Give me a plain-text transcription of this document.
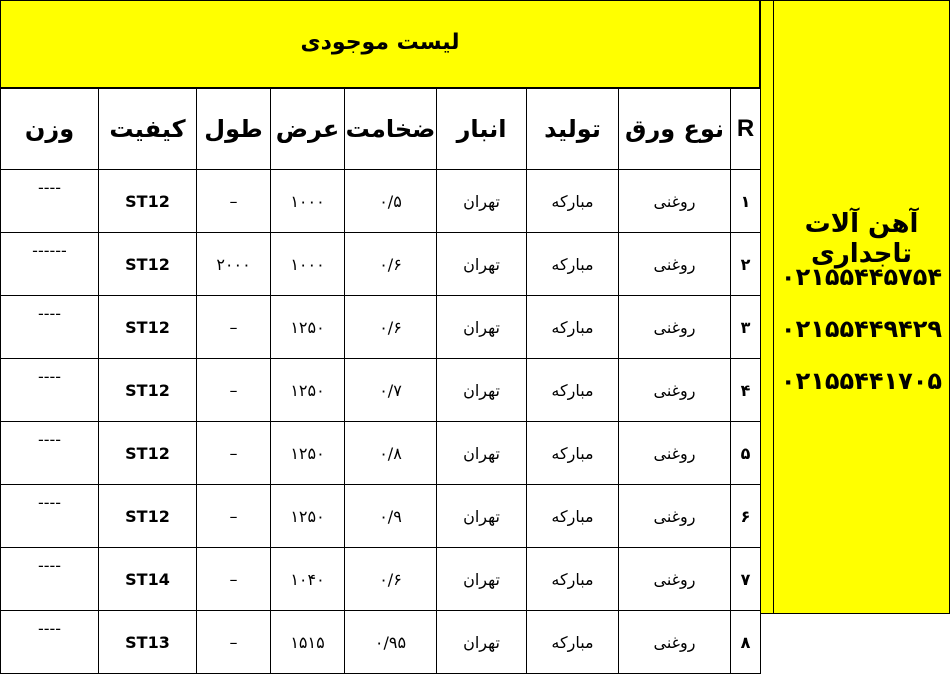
لیست موجودی
آهن آلات تاجداری
۰۲۱۵۵۴۴۵۷۵۴
۰۲۱۵۵۴۴۹۴۲۹
۰۲۱۵۵۴۴۱۷۰۵
وزن	کیفیت	طول	عرض	ضخامت	انبار	تولید	نوع ورق	R
----	ST12	–	۱۰۰۰	۰/۵	تهران	مبارکه	روغنی	۱
------	ST12	۲۰۰۰	۱۰۰۰	۰/۶	تهران	مبارکه	روغنی	۲
----	ST12	–	۱۲۵۰	۰/۶	تهران	مبارکه	روغنی	۳
----	ST12	–	۱۲۵۰	۰/۷	تهران	مبارکه	روغنی	۴
----	ST12	–	۱۲۵۰	۰/۸	تهران	مبارکه	روغنی	۵
----	ST12	–	۱۲۵۰	۰/۹	تهران	مبارکه	روغنی	۶
----	ST14	–	۱۰۴۰	۰/۶	تهران	مبارکه	روغنی	۷
----	ST13	–	۱۵۱۵	۰/۹۵	تهران	مبارکه	روغنی	۸
